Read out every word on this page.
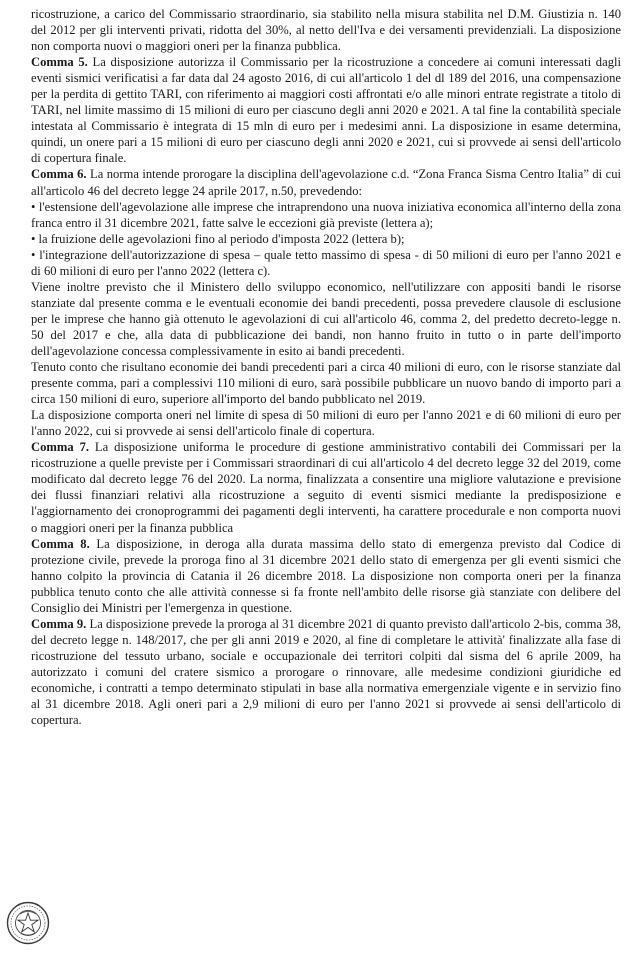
ricostruzione, a carico del Commissario straordinario, sia stabilito nella misura stabilita nel D.M. Giustizia n. 140 del 2012 per gli interventi privati, ridotta del 30%, al netto dell'Iva e dei versamenti previdenziali. La disposizione non comporta nuovi o maggiori oneri per la finanza pubblica.

Comma 5. La disposizione autorizza il Commissario per la ricostruzione a concedere ai comuni interessati dagli eventi sismici verificatisi a far data dal 24 agosto 2016, di cui all'articolo 1 del dl 189 del 2016, una compensazione per la perdita di gettito TARI, con riferimento ai maggiori costi affrontati e/o alle minori entrate registrate a titolo di TARI, nel limite massimo di 15 milioni di euro per ciascuno degli anni 2020 e 2021. A tal fine la contabilità speciale intestata al Commissario è integrata di 15 mln di euro per i medesimi anni. La disposizione in esame determina, quindi, un onere pari a 15 milioni di euro per ciascuno degli anni 2020 e 2021, cui si provvede ai sensi dell'articolo di copertura finale.

Comma 6. La norma intende prorogare la disciplina dell'agevolazione c.d. “Zona Franca Sisma Centro Italia” di cui all'articolo 46 del decreto legge 24 aprile 2017, n.50, prevedendo:

• l'estensione dell'agevolazione alle imprese che intraprendono una nuova iniziativa economica all'interno della zona franca entro il 31 dicembre 2021, fatte salve le eccezioni già previste (lettera a);

• la fruizione delle agevolazioni fino al periodo d'imposta 2022 (lettera b);

• l'integrazione dell'autorizzazione di spesa – quale tetto massimo di spesa - di 50 milioni di euro per l'anno 2021 e di 60 milioni di euro per l'anno 2022 (lettera c).

Viene inoltre previsto che il Ministero dello sviluppo economico, nell'utilizzare con appositi bandi le risorse stanziate dal presente comma e le eventuali economie dei bandi precedenti, possa prevedere clausole di esclusione per le imprese che hanno già ottenuto le agevolazioni di cui all'articolo 46, comma 2, del predetto decreto-legge n. 50 del 2017 e che, alla data di pubblicazione dei bandi, non hanno fruito in tutto o in parte dell'importo dell'agevolazione concessa complessivamente in esito ai bandi precedenti.

Tenuto conto che risultano economie dei bandi precedenti pari a circa 40 milioni di euro, con le risorse stanziate dal presente comma, pari a complessivi 110 milioni di euro, sarà possibile pubblicare un nuovo bando di importo pari a circa 150 milioni di euro, superiore all'importo del bando pubblicato nel 2019.

La disposizione comporta oneri nel limite di spesa di 50 milioni di euro per l'anno 2021 e di 60 milioni di euro per l'anno 2022, cui si provvede ai sensi dell'articolo finale di copertura.

Comma 7. La disposizione uniforma le procedure di gestione amministrativo contabili dei Commissari per la ricostruzione a quelle previste per i Commissari straordinari di cui all'articolo 4 del decreto legge 32 del 2019, come modificato dal decreto legge 76 del 2020. La norma, finalizzata a consentire una migliore valutazione e previsione dei flussi finanziari relativi alla ricostruzione a seguito di eventi sismici mediante la predisposizione e l'aggiornamento dei cronoprogrammi dei pagamenti degli interventi, ha carattere procedurale e non comporta nuovi o maggiori oneri per la finanza pubblica

Comma 8. La disposizione, in deroga alla durata massima dello stato di emergenza previsto dal Codice di protezione civile, prevede la proroga fino al 31 dicembre 2021 dello stato di emergenza per gli eventi sismici che hanno colpito la provincia di Catania il 26 dicembre 2018. La disposizione non comporta oneri per la finanza pubblica tenuto conto che alle attività connesse si fa fronte nell'ambito delle risorse già stanziate con delibere del Consiglio dei Ministri per l'emergenza in questione.

Comma 9. La disposizione prevede la proroga al 31 dicembre 2021 di quanto previsto dall'articolo 2-bis, comma 38, del decreto legge n. 148/2017, che per gli anni 2019 e 2020, al fine di completare le attività' finalizzate alla fase di ricostruzione del tessuto urbano, sociale e occupazionale dei territori colpiti dal sisma del 6 aprile 2009, ha autorizzato i comuni del cratere sismico a prorogare o rinnovare, alle medesime condizioni giuridiche ed economiche, i contratti a tempo determinato stipulati in base alla normativa emergenziale vigente e in servizio fino al 31 dicembre 2018. Agli oneri pari a 2,9 milioni di euro per l'anno 2021 si provvede ai sensi dell'articolo di copertura.
